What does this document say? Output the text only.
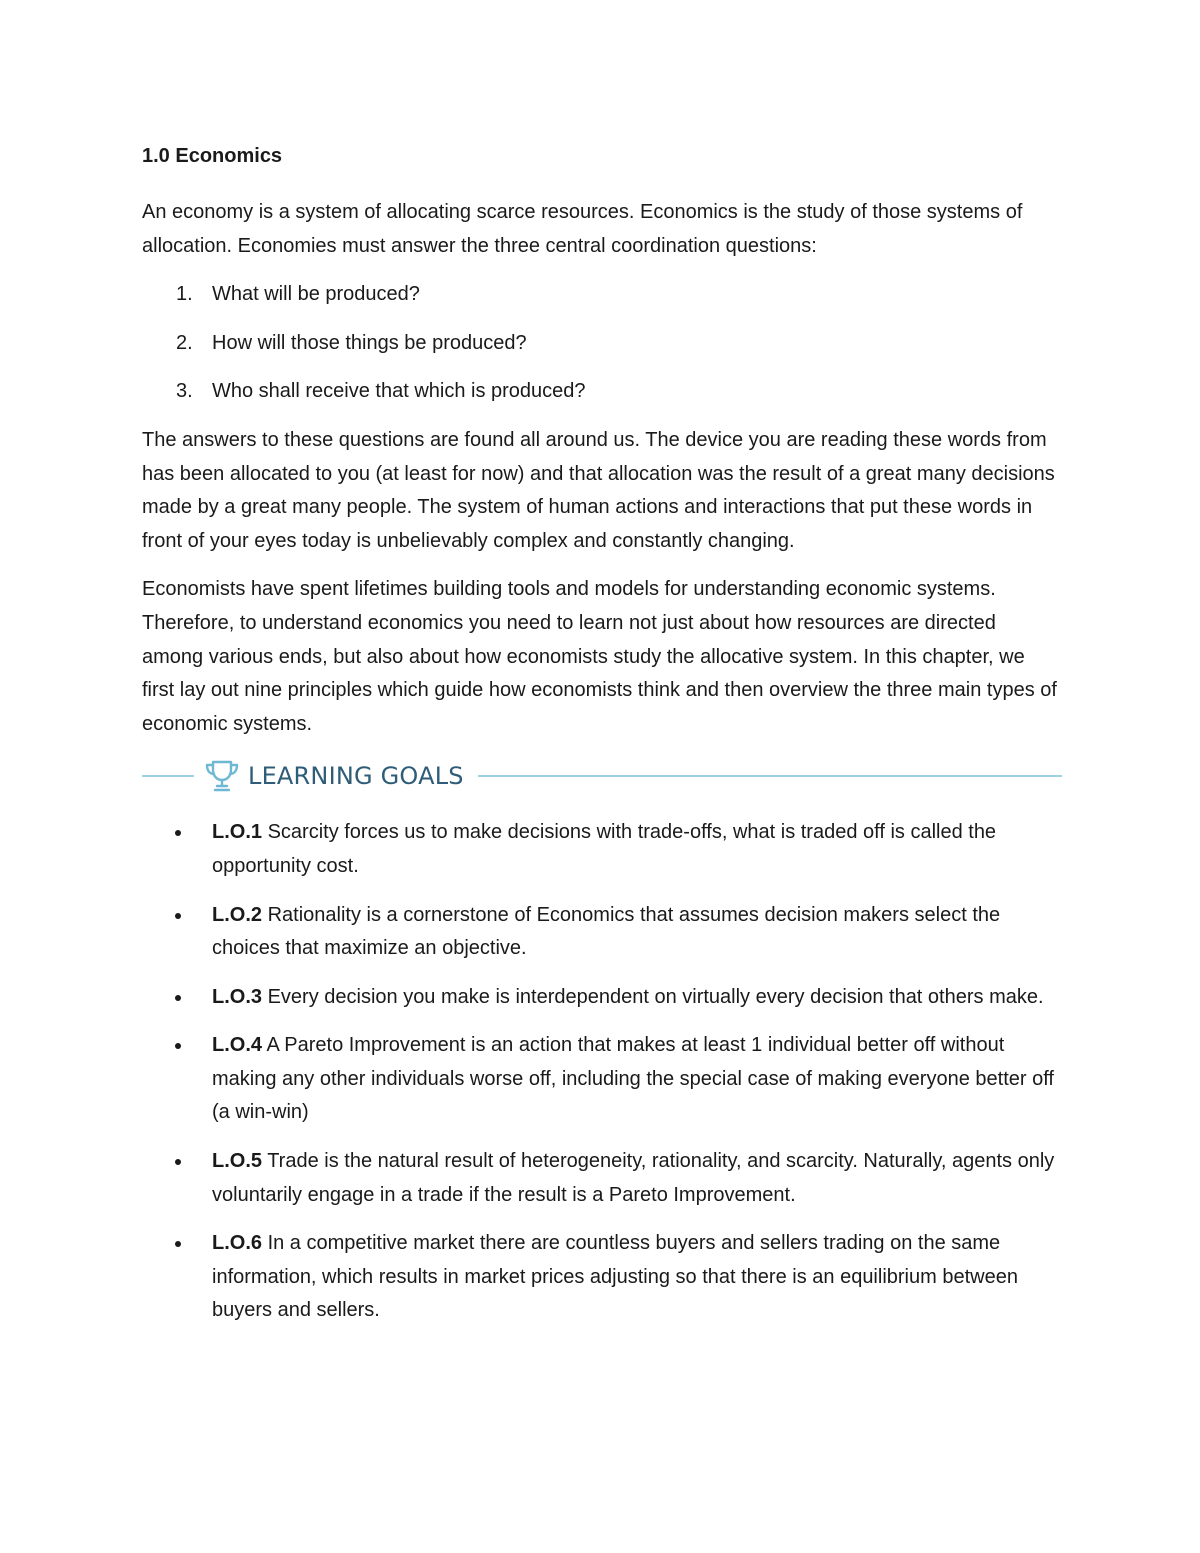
1.0 Economics

An economy is a system of allocating scarce resources. Economics is the study of those systems of allocation. Economies must answer the three central coordination questions:

1. What will be produced?
2. How will those things be produced?
3. Who shall receive that which is produced?

The answers to these questions are found all around us. The device you are reading these words from has been allocated to you (at least for now) and that allocation was the result of a great many decisions made by a great many people. The system of human actions and interactions that put these words in front of your eyes today is unbelievably complex and constantly changing.

Economists have spent lifetimes building tools and models for understanding economic systems. Therefore, to understand economics you need to learn not just about how resources are directed among various ends, but also about how economists study the allocative system. In this chapter, we first lay out nine principles which guide how economists think and then overview the three main types of economic systems.

LEARNING GOALS
L.O.1 Scarcity forces us to make decisions with trade-offs, what is traded off is called the opportunity cost.
L.O.2 Rationality is a cornerstone of Economics that assumes decision makers select the choices that maximize an objective.
L.O.3 Every decision you make is interdependent on virtually every decision that others make.
L.O.4 A Pareto Improvement is an action that makes at least 1 individual better off without making any other individuals worse off, including the special case of making everyone better off (a win-win)
L.O.5 Trade is the natural result of heterogeneity, rationality, and scarcity. Naturally, agents only voluntarily engage in a trade if the result is a Pareto Improvement.
L.O.6 In a competitive market there are countless buyers and sellers trading on the same information, which results in market prices adjusting so that there is an equilibrium between buyers and sellers.
